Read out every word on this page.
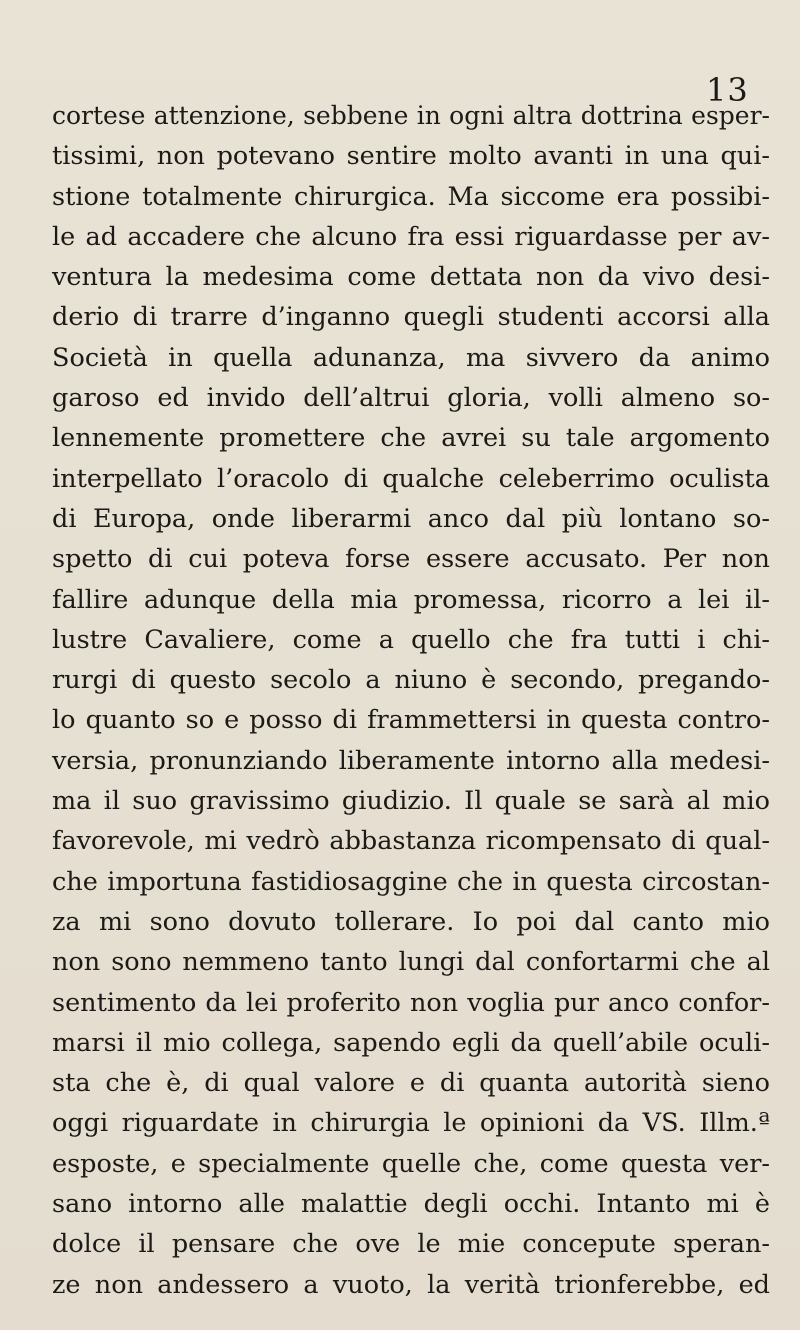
13
cortese attenzione, sebbene in ogni altra dottrina esper-
tissimi, non potevano sentire molto avanti in una qui-
stione totalmente chirurgica. Ma siccome era possibi-
le ad accadere che alcuno fra essi riguardasse per av-
ventura la medesima come dettata non da vivo desi-
derio di trarre d’inganno quegli studenti accorsi alla
Società in quella adunanza, ma sivvero da animo
garoso ed invido dell’altrui gloria, volli almeno so-
lennemente promettere che avrei su tale argomento
interpellato l’oracolo di qualche celeberrimo oculista
di Europa, onde liberarmi anco dal più lontano so-
spetto di cui poteva forse essere accusato. Per non
fallire adunque della mia promessa, ricorro a lei il-
lustre Cavaliere, come a quello che fra tutti i chi-
rurgi di questo secolo a niuno è secondo, pregando-
lo quanto so e posso di frammettersi in questa contro-
versia, pronunziando liberamente intorno alla medesi-
ma il suo gravissimo giudizio. Il quale se sarà al mio
favorevole, mi vedrò abbastanza ricompensato di qual-
che importuna fastidiosaggine che in questa circostan-
za mi sono dovuto tollerare. Io poi dal canto mio
non sono nemmeno tanto lungi dal confortarmi che al
sentimento da lei proferito non voglia pur anco confor-
marsi il mio collega, sapendo egli da quell’abile oculi-
sta che è, di qual valore e di quanta autorità sieno
oggi riguardate in chirurgia le opinioni da VS. Illm.ª
esposte, e specialmente quelle che, come questa ver-
sano intorno alle malattie degli occhi. Intanto mi è
dolce il pensare che ove le mie concepute speran-
ze non andessero a vuoto, la verità trionferebbe, ed
